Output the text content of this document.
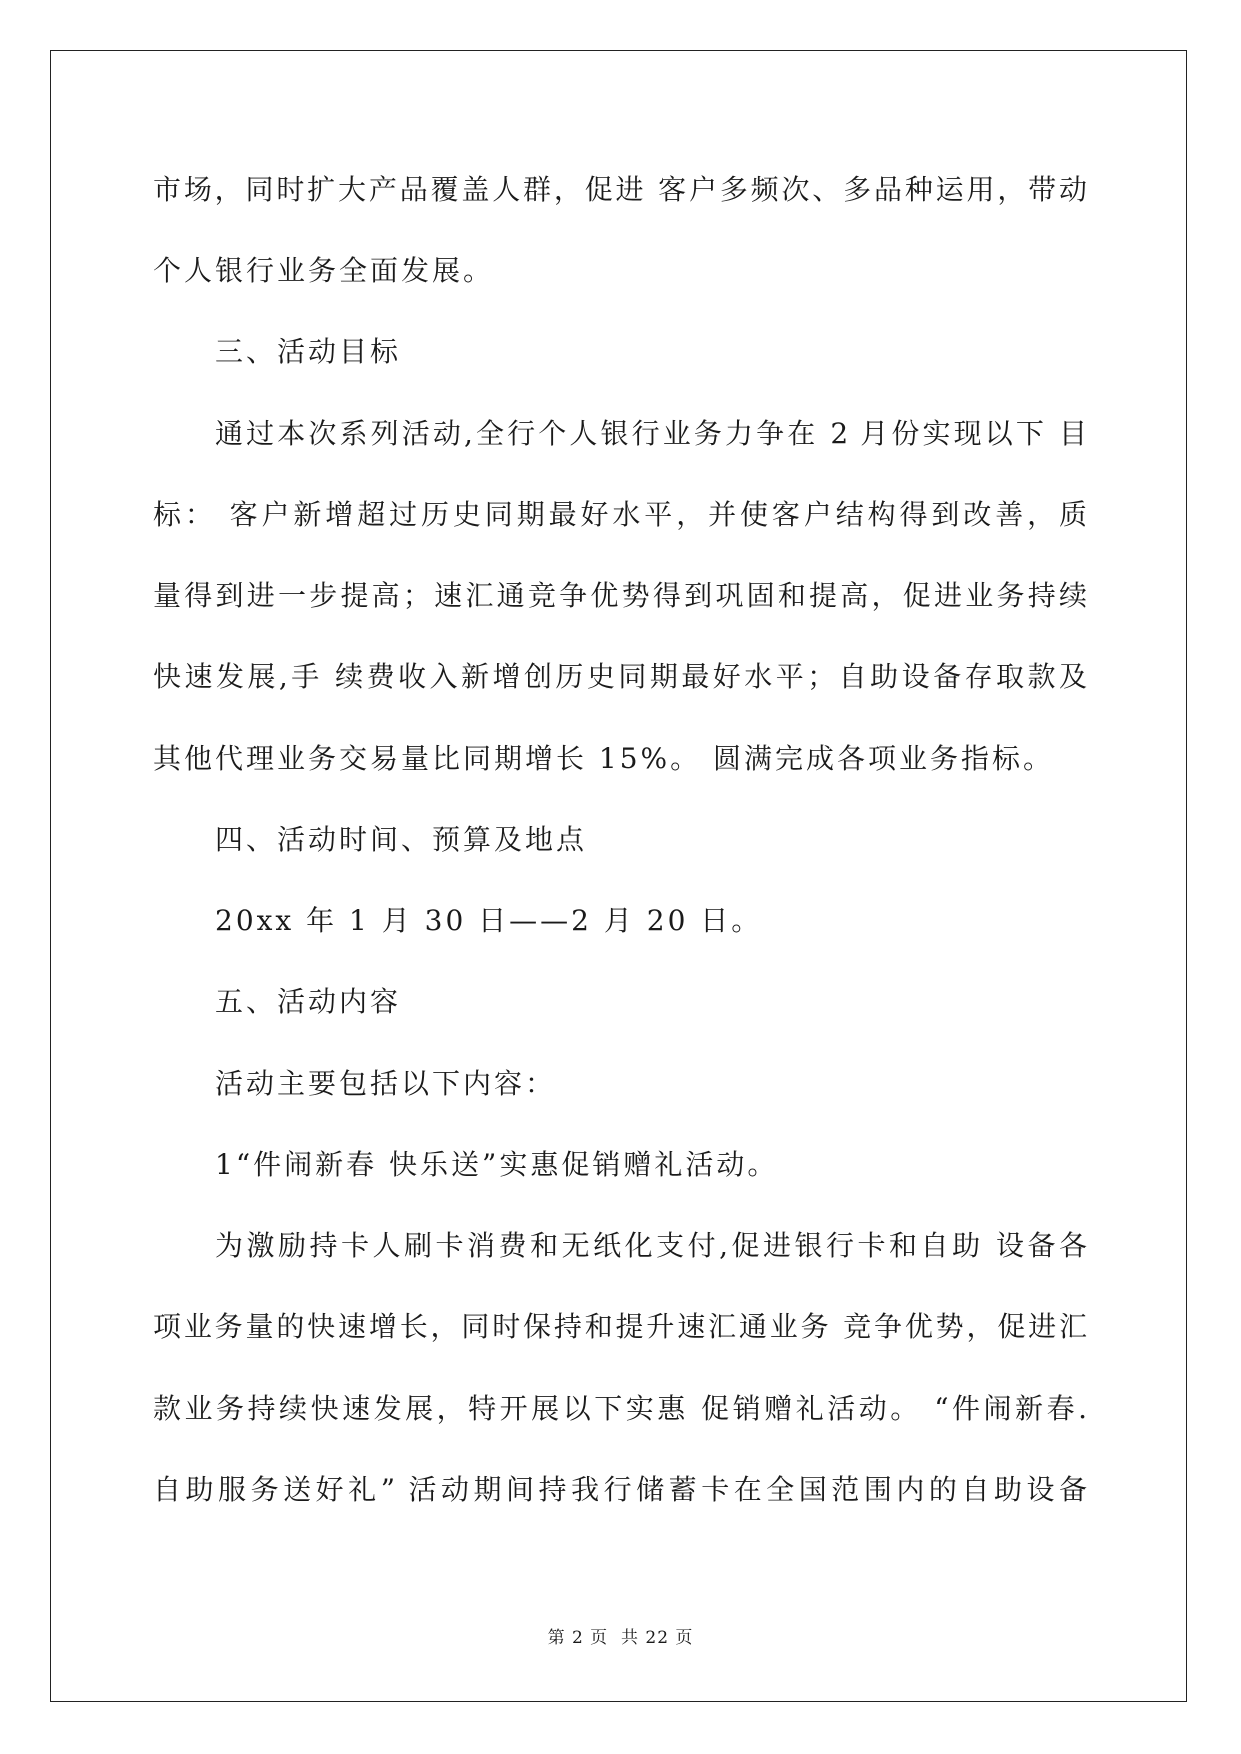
市场，同时扩大产品覆盖人群，促进 客户多频次、多品种运用，带动
个人银行业务全面发展。
三、活动目标
通过本次系列活动,全行个人银行业务力争在 2 月份实现以下 目
标： 客户新增超过历史同期最好水平，并使客户结构得到改善，质
量得到进一步提高；速汇通竞争优势得到巩固和提高，促进业务持续
快速发展,手 续费收入新增创历史同期最好水平；自助设备存取款及
其他代理业务交易量比同期增长 15%。 圆满完成各项业务指标。
四、活动时间、预算及地点
20xx 年 1 月 30 日——2 月 20 日。
五、活动内容
活动主要包括以下内容：
1“件闹新春 快乐送”实惠促销赠礼活动。
为激励持卡人刷卡消费和无纸化支付,促进银行卡和自助 设备各
项业务量的快速增长，同时保持和提升速汇通业务 竞争优势，促进汇
款业务持续快速发展，特开展以下实惠 促销赠礼活动。 “件闹新春.
自助服务送好礼” 活动期间持我行储蓄卡在全国范围内的自助设备
第 2 页  共 22 页
